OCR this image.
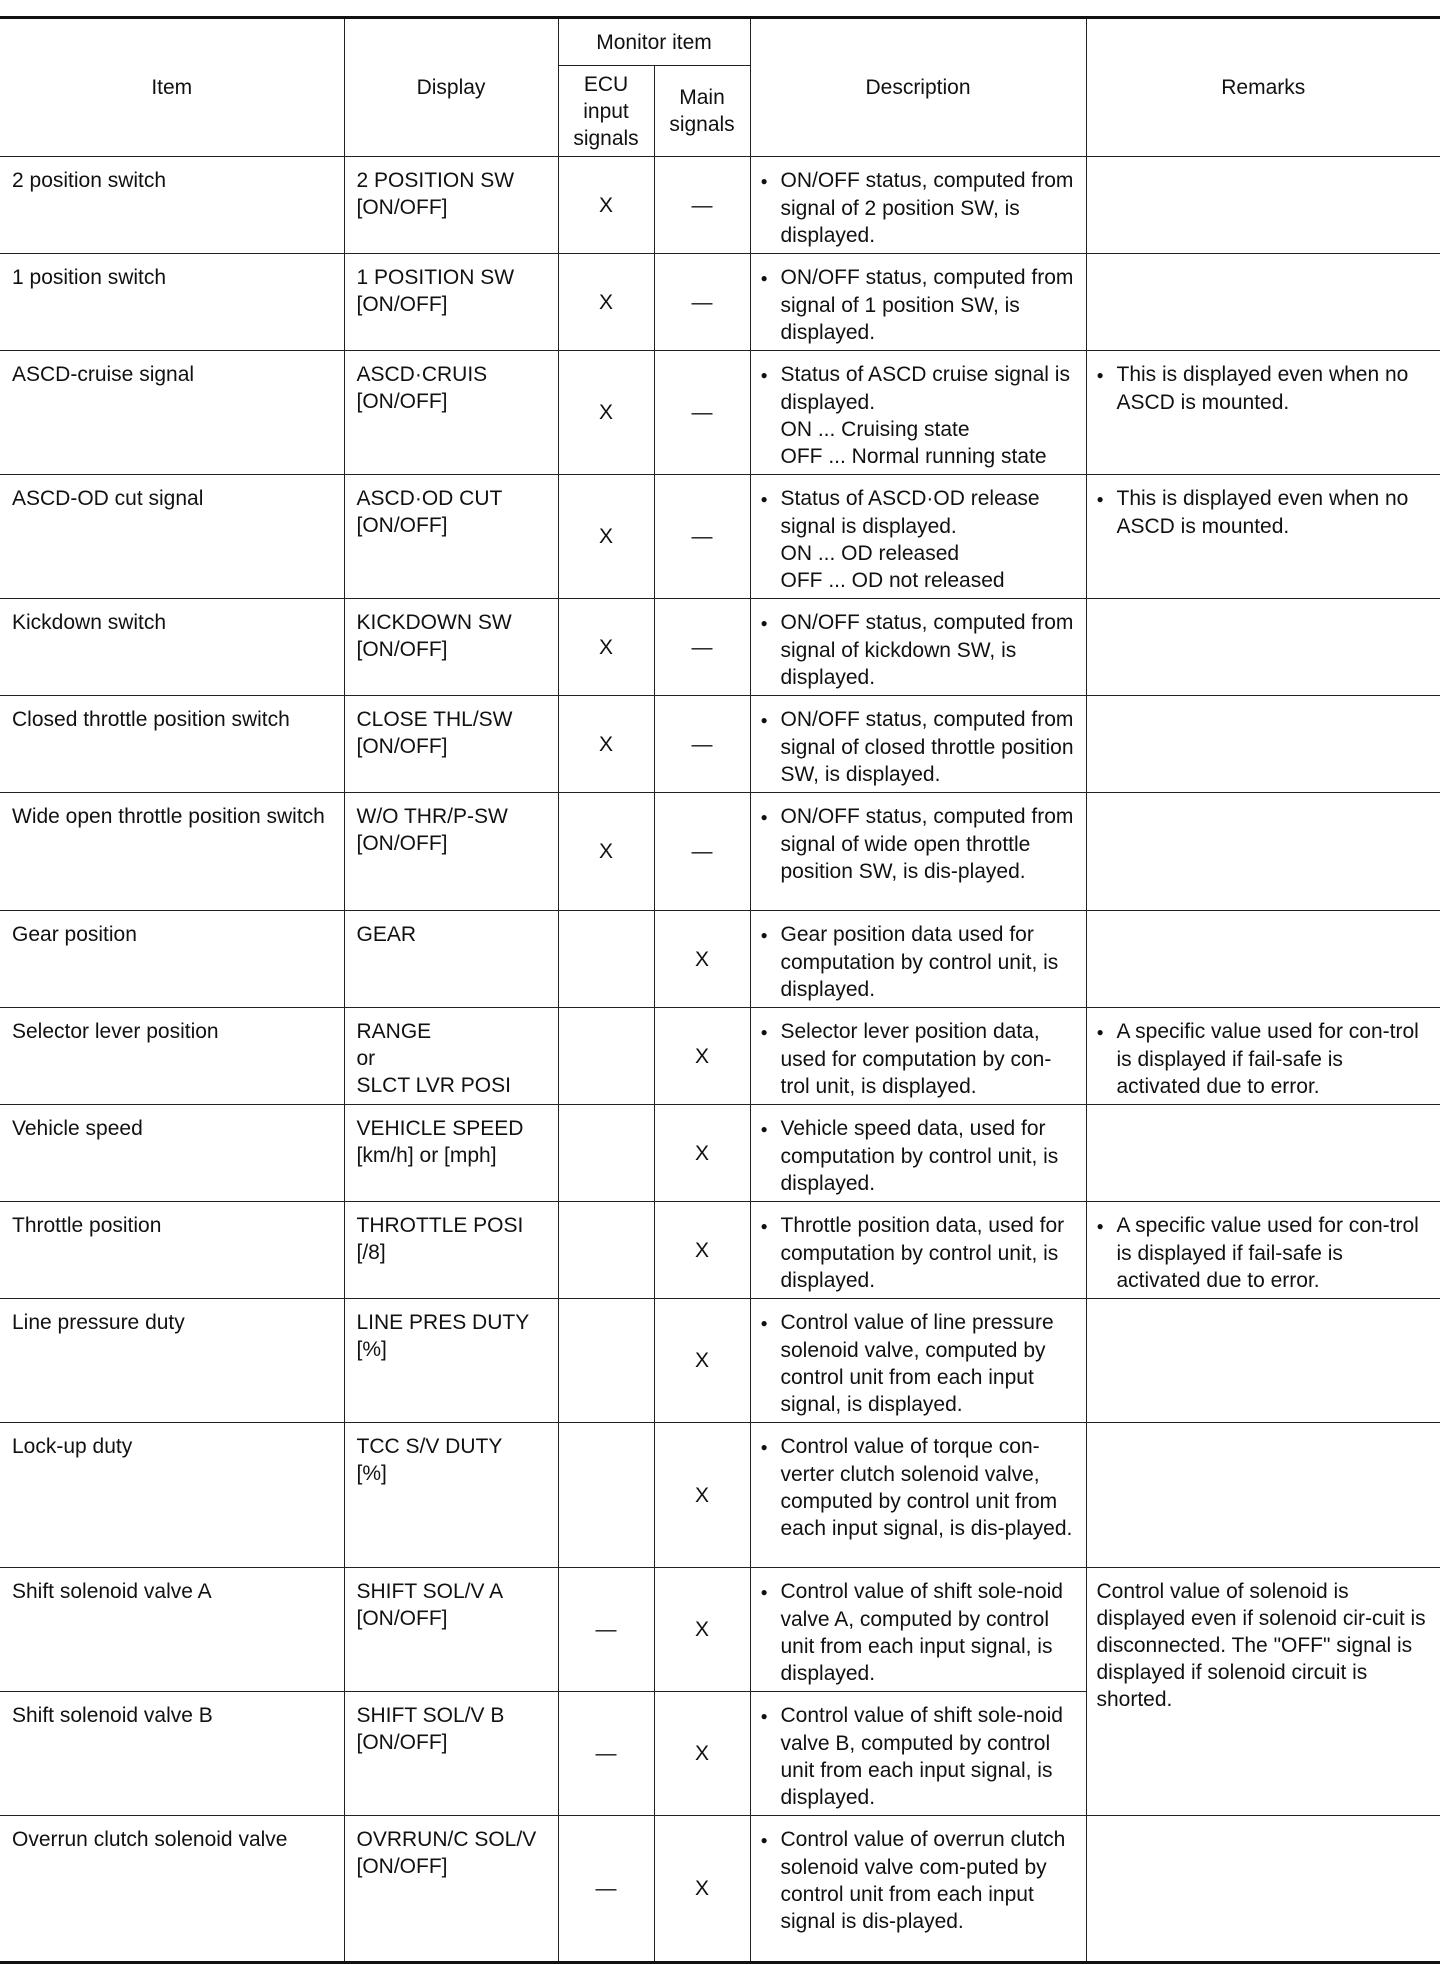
Item	Display	Monitor item		Description	Remarks
		ECU input signals	Main signals		
2 position switch	2 POSITION SW
[ON/OFF]	X	—	● ON/OFF status, computed from signal of 2 position SW, is displayed.	

1 position switch	1 POSITION SW
[ON/OFF]	X	—	● ON/OFF status, computed from signal of 1 position SW, is displayed.	

ASCD-cruise signal	ASCD·CRUIS
[ON/OFF]	X	—	● Status of ASCD cruise signal is displayed.
ON ... Cruising state
OFF ... Normal running state	● This is displayed even when no ASCD is mounted.

ASCD-OD cut signal	ASCD·OD CUT
[ON/OFF]	X	—	● Status of ASCD·OD release signal is displayed.
ON ... OD released
OFF ... OD not released	● This is displayed even when no ASCD is mounted.

Kickdown switch	KICKDOWN SW
[ON/OFF]	X	—	● ON/OFF status, computed from signal of kickdown SW, is displayed.	

Closed throttle position switch	CLOSE THL/SW
[ON/OFF]	X	—	● ON/OFF status, computed from signal of closed throttle position SW, is displayed.	

Wide open throttle position switch	W/O THR/P-SW
[ON/OFF]	X	—	● ON/OFF status, computed from signal of wide open throttle position SW, is dis-played.	

Gear position	GEAR		X	● Gear position data used for computation by control unit, is displayed.	

Selector lever position	RANGE
or
SLCT LVR POSI		X	● Selector lever position data, used for computation by con-trol unit, is displayed.	● A specific value used for con-trol is displayed if fail-safe is activated due to error.

Vehicle speed	VEHICLE SPEED
[km/h] or [mph]		X	● Vehicle speed data, used for computation by control unit, is displayed.	

Throttle position	THROTTLE POSI
[/8]		X	● Throttle position data, used for computation by control unit, is displayed.	● A specific value used for con-trol is displayed if fail-safe is activated due to error.

Line pressure duty	LINE PRES DUTY
[%]		X	● Control value of line pressure solenoid valve, computed by control unit from each input signal, is displayed.	

Lock-up duty	TCC S/V DUTY
[%]		X	● Control value of torque con-verter clutch solenoid valve, computed by control unit from each input signal, is dis-played.	

Shift solenoid valve A	SHIFT SOL/V A
[ON/OFF]	—	X	● Control value of shift sole-noid valve A, computed by control unit from each input signal, is displayed.	Control value of solenoid is displayed even if solenoid cir-cuit is disconnected. The "OFF" signal is displayed if solenoid circuit is shorted.

Shift solenoid valve B	SHIFT SOL/V B
[ON/OFF]	—	X	● Control value of shift sole-noid valve B, computed by control unit from each input signal, is displayed.	

Overrun clutch solenoid valve	OVRRUN/C SOL/V
[ON/OFF]	—	X	● Control value of overrun clutch solenoid valve com-puted by control unit from each input signal is dis-played.	
